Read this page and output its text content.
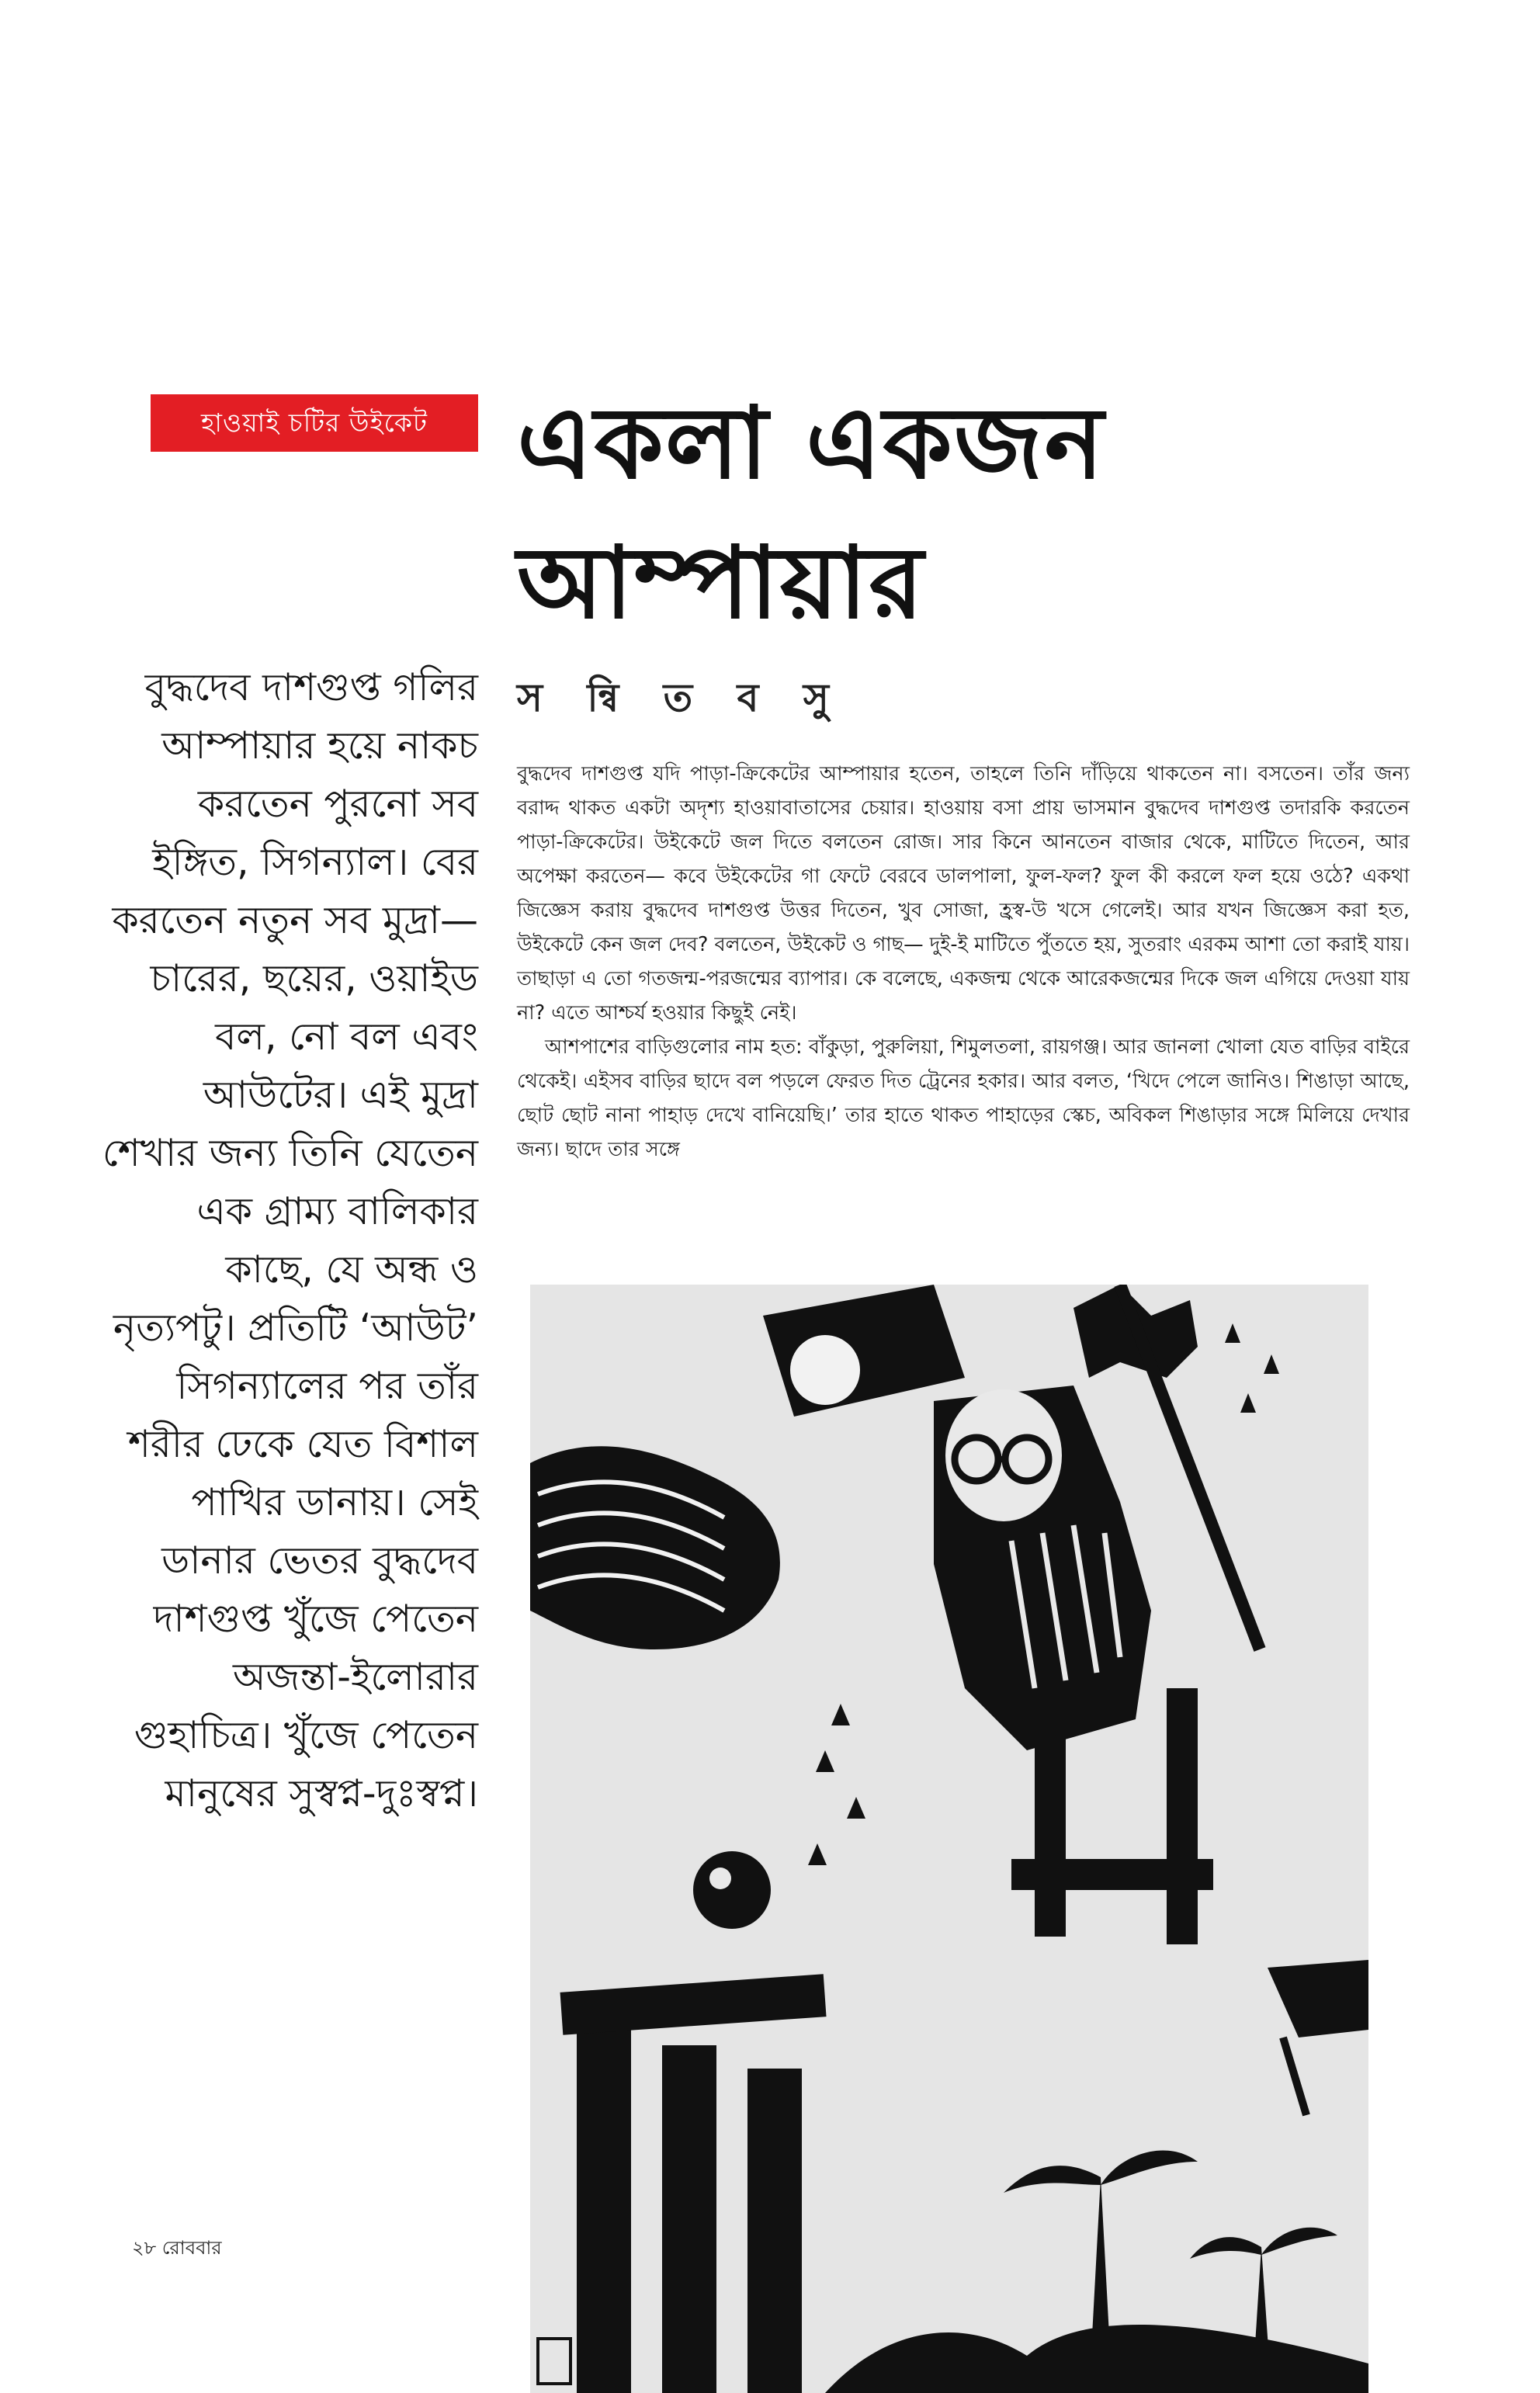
হাওয়াই চটির উইকেট একলা একজন
আম্পায়ার
স ন্বি ত ব সু

বুদ্ধদেব দাশগুপ্ত গলির আম্পায়ার হয়ে নাকচ করতেন পুরনো সব ইঙ্গিত, সিগন্যাল। বের করতেন নতুন সব মুদ্রা— চারের, ছয়ের, ওয়াইড বল, নো বল এবং আউটের। এই মুদ্রা শেখার জন্য তিনি যেতেন এক গ্রাম্য বালিকার কাছে, যে অন্ধ ও নৃত্যপটু। প্রতিটি ‘আউট’ সিগন্যালের পর তাঁর শরীর ঢেকে যেত বিশাল পাখির ডানায়। সেই ডানার ভেতর বুদ্ধদেব দাশগুপ্ত খুঁজে পেতেন অজন্তা-ইলোরার গুহাচিত্র। খুঁজে পেতেন মানুষের সুস্বপ্ন-দুঃস্বপ্ন।

বুদ্ধদেব দাশগুপ্ত যদি পাড়া-ক্রিকেটের আম্পায়ার হতেন, তাহলে তিনি দাঁড়িয়ে থাকতেন না। বসতেন। তাঁর জন্য বরাদ্দ থাকত একটা অদৃশ্য হাওয়াবাতাসের চেয়ার। হাওয়ায় বসা প্রায় ভাসমান বুদ্ধদেব দাশগুপ্ত তদারকি করতেন পাড়া-ক্রিকেটের। উইকেটে জল দিতে বলতেন রোজ। সার কিনে আনতেন বাজার থেকে, মাটিতে দিতেন, আর অপেক্ষা করতেন— কবে উইকেটের গা ফেটে বেরবে ডালপালা, ফুল-ফল? ফুল কী করলে ফল হয়ে ওঠে? একথা জিজ্ঞেস করায় বুদ্ধদেব দাশগুপ্ত উত্তর দিতেন, খুব সোজা, হ্রস্ব-উ খসে গেলেই। আর যখন জিজ্ঞেস করা হত, উইকেটে কেন জল দেব? বলতেন, উইকেট ও গাছ— দুই-ই মাটিতে পুঁততে হয়, সুতরাং এরকম আশা তো করাই যায়। তাছাড়া এ তো গতজন্ম-পরজন্মের ব্যাপার। কে বলেছে, একজন্ম থেকে আরেকজন্মের দিকে জল এগিয়ে দেওয়া যায় না? এতে আশ্চর্য হওয়ার কিছুই নেই।

আশপাশের বাড়িগুলোর নাম হত: বাঁকুড়া, পুরুলিয়া, শিমুলতলা, রায়গঞ্জ। আর জানলা খোলা যেত বাড়ির বাইরে থেকেই। এইসব বাড়ির ছাদে বল পড়লে ফেরত দিত ট্রেনের হকার। আর বলত, ‘খিদে পেলে জানিও। শিঙাড়া আছে, ছোট ছোট নানা পাহাড় দেখে বানিয়েছি।’ তার হাতে থাকত পাহাড়ের স্কেচ, অবিকল শিঙাড়ার সঙ্গে মিলিয়ে দেখার জন্য। ছাদে তার সঙ্গে

২৮ রোববার
